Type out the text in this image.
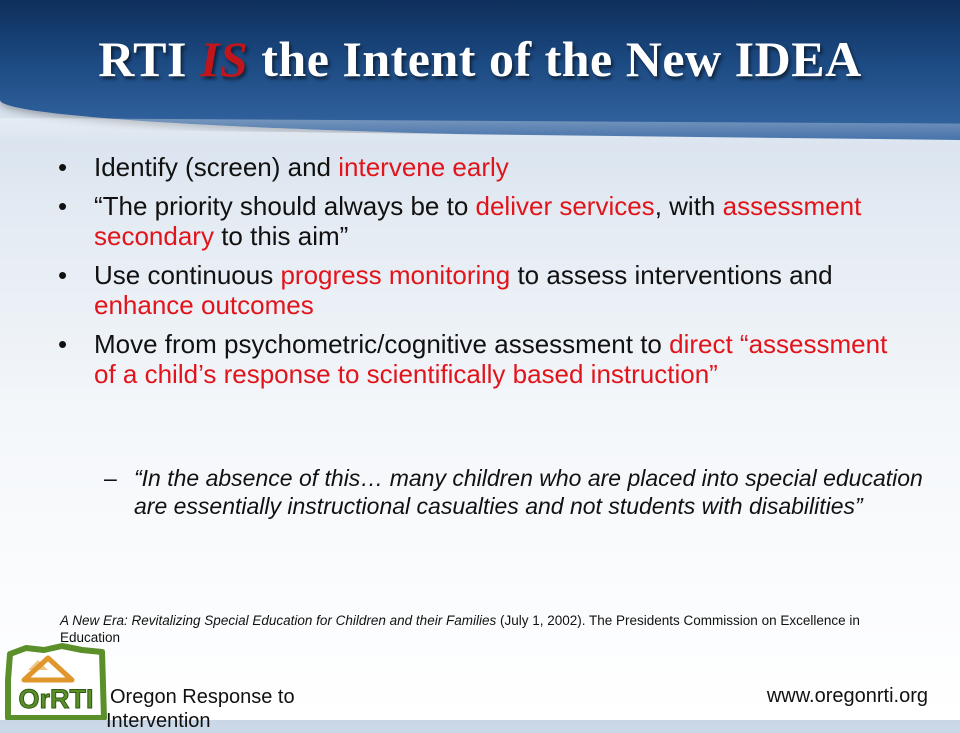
RTI IS the Intent of the New IDEA
• Identify (screen) and intervene early
• “The priority should always be to deliver services, with assessment secondary to this aim”
• Use continuous progress monitoring to assess interventions and enhance outcomes
• Move from psychometric/cognitive assessment to direct “assessment of a child’s response to scientifically based instruction”
– “In the absence of this… many children who are placed into special education are essentially instructional casualties and not students with disabilities”
A New Era: Revitalizing Special Education for Children and their Families (July 1, 2002). The Presidents Commission on Excellence in Education
OrRTI Oregon Response to
Intervention
www.oregonrti.org
